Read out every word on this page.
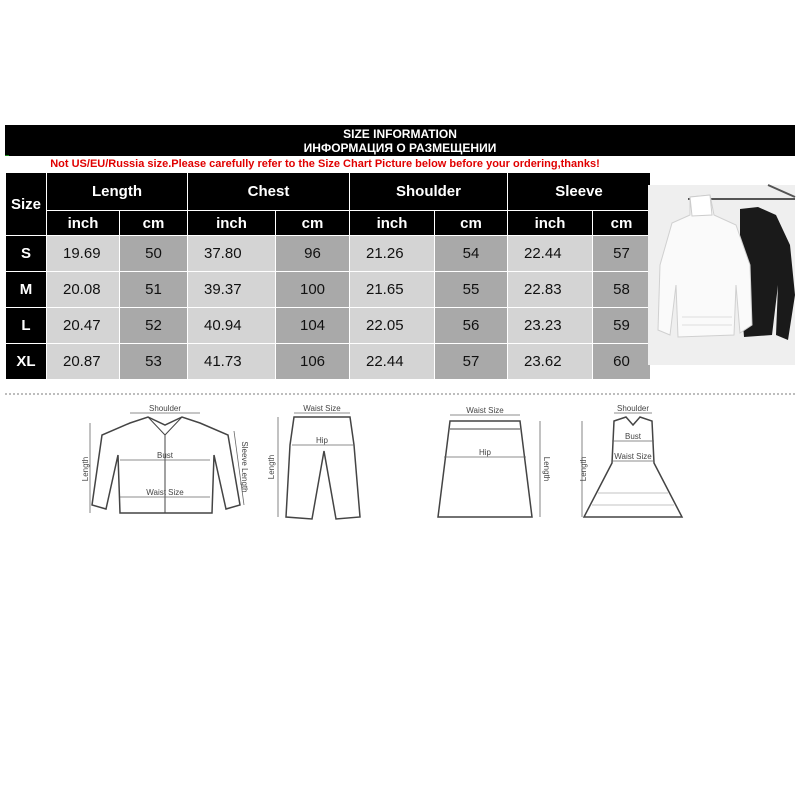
SIZE INFORMATION
ИНФОРМАЦИЯ О РАЗМЕЩЕНИИ
Not US/EU/Russia size.Please carefully refer to the Size Chart Picture below before your ordering,thanks!
Size	Length		Chest		Shoulder		Sleeve	
	inch	cm	inch	cm	inch	cm	inch	cm
S	19.69	50	37.80	96	21.26	54	22.44	57
M	20.08	51	39.37	100	21.65	55	22.83	58
L	20.47	52	40.94	104	22.05	56	23.23	59
XL	20.87	53	41.73	106	22.44	57	23.62	60
Shoulder
Bust
Waist Size
Length	Sleeve Length
Waist Size
Hip
Length
Waist Size
Hip
Length
Shoulder
Bust
Waist Size
Length
